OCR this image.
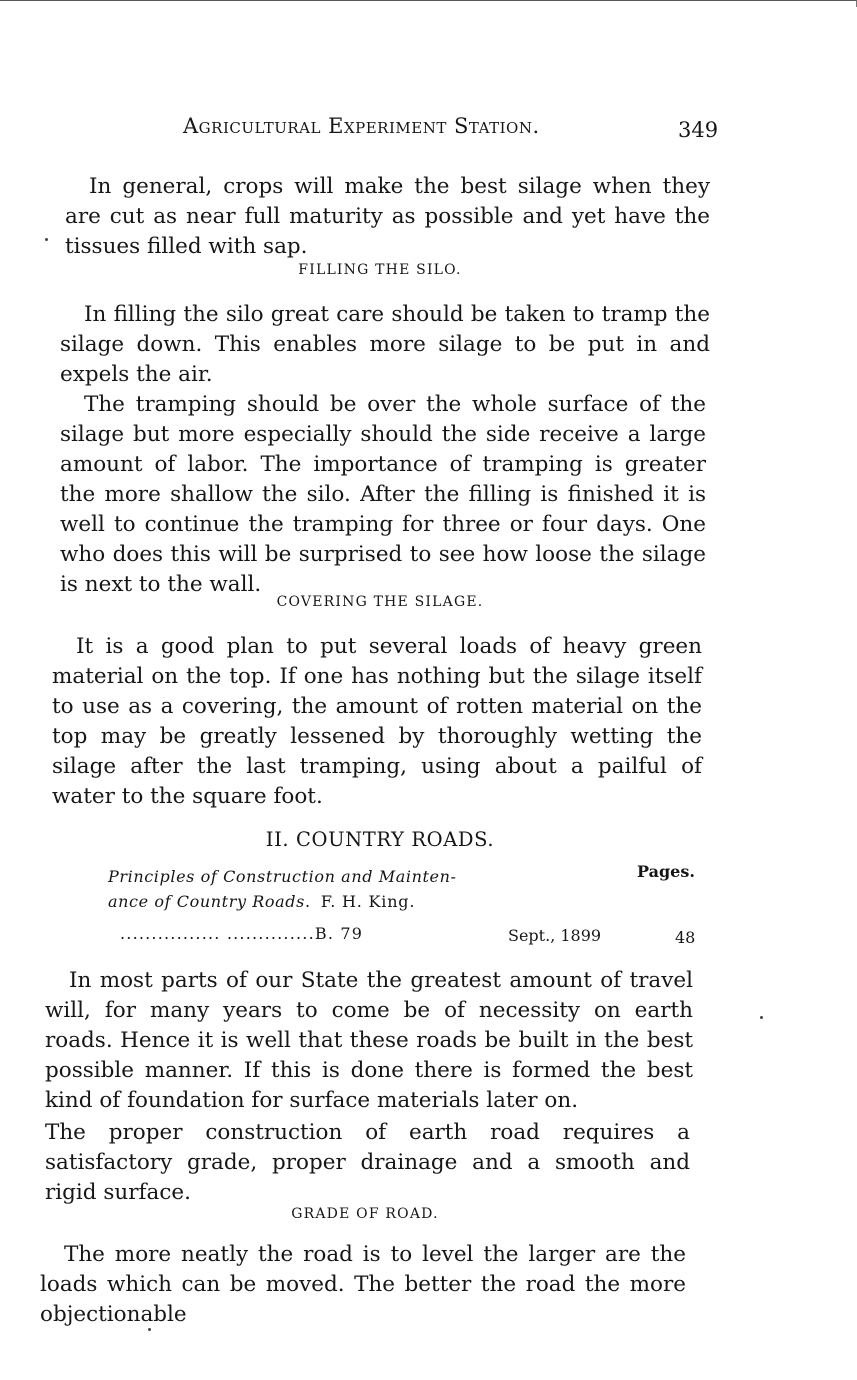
Agricultural Experiment Station.	349

In general, crops will make the best silage when they are cut as near full maturity as possible and yet have the tissues filled with sap.

FILLING THE SILO.

In filling the silo great care should be taken to tramp the silage down. This enables more silage to be put in and expels the air.

The tramping should be over the whole surface of the silage but more especially should the side receive a large amount of labor. The importance of tramping is greater the more shallow the silo. After the filling is finished it is well to continue the tramping for three or four days. One who does this will be surprised to see how loose the silage is next to the wall.

COVERING THE SILAGE.

It is a good plan to put several loads of heavy green material on the top. If one has nothing but the silage itself to use as a covering, the amount of rotten material on the top may be greatly lessened by thoroughly wetting the silage after the last tramping, using about a pailful of water to the square foot.

II. COUNTRY ROADS.
Pages.
Principles of Construction and Mainten-
ance of Country Roads. F. H. King.
................ ..............B. 79	Sept., 1899	48

In most parts of our State the greatest amount of travel will, for many years to come be of necessity on earth roads. Hence it is well that these roads be built in the best possible manner. If this is done there is formed the best kind of foundation for surface materials later on.

The proper construction of earth road requires a satisfactory grade, proper drainage and a smooth and rigid surface.

GRADE OF ROAD.

The more neatly the road is to level the larger are the loads which can be moved. The better the road the more objectionable
